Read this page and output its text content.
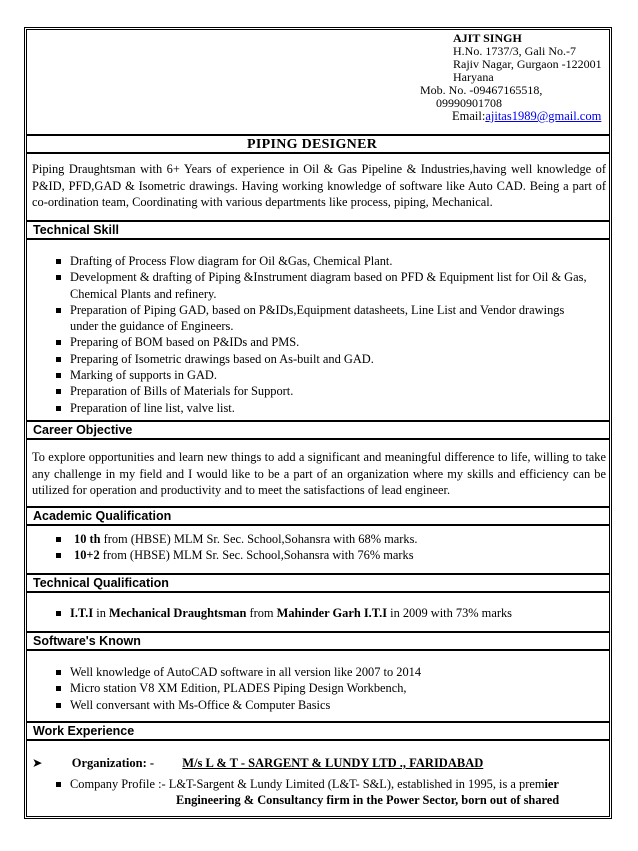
AJIT SINGH
H.No. 1737/3, Gali No.-7
Rajiv Nagar, Gurgaon -122001
Haryana
Mob. No. -09467165518,
09990901708
Email:ajitas1989@gmail.com
PIPING DESIGNER
Piping Draughtsman with 6+ Years of experience in Oil & Gas Pipeline & Industries,having well knowledge of P&ID, PFD,GAD & Isometric drawings. Having working knowledge of software like Auto CAD. Being a part of co-ordination team, Coordinating with various departments like process, piping, Mechanical.
Technical Skill
Drafting of Process Flow diagram for Oil &Gas, Chemical Plant.
Development & drafting of Piping &Instrument diagram based on PFD & Equipment list for Oil & Gas,
Chemical Plants and refinery.
Preparation of Piping GAD, based on P&IDs,Equipment datasheets, Line List and Vendor drawings
under the guidance of Engineers.
Preparing of BOM based on P&IDs and PMS.
Preparing of Isometric drawings based on As-built and GAD.
Marking of supports in GAD.
Preparation of Bills of Materials for Support.
Preparation of line list, valve list.
Career Objective
To explore opportunities and learn new things to add a significant and meaningful difference to life, willing to take any challenge in my field and I would like to be a part of an organization where my skills and efficiency can be utilized for operation and productivity and to meet the satisfactions of lead engineer.
Academic Qualification
10 th from (HBSE) MLM Sr. Sec. School,Sohansra with 68% marks.
10+2 from (HBSE) MLM Sr. Sec. School,Sohansra with 76% marks
Technical Qualification
I.T.I in Mechanical Draughtsman from Mahinder Garh I.T.I in 2009 with 73% marks
Software's Known
Well knowledge of AutoCAD software in all version like 2007 to 2014
Micro station V8 XM Edition, PLADES Piping Design Workbench,
Well conversant with Ms-Office & Computer Basics
Work Experience
➤ Organization: - M/s L & T - SARGENT & LUNDY LTD ., FARIDABAD
Company Profile :- L&T-Sargent & Lundy Limited (L&T- S&L), established in 1995, is a premier
Engineering & Consultancy firm in the Power Sector, born out of shared
